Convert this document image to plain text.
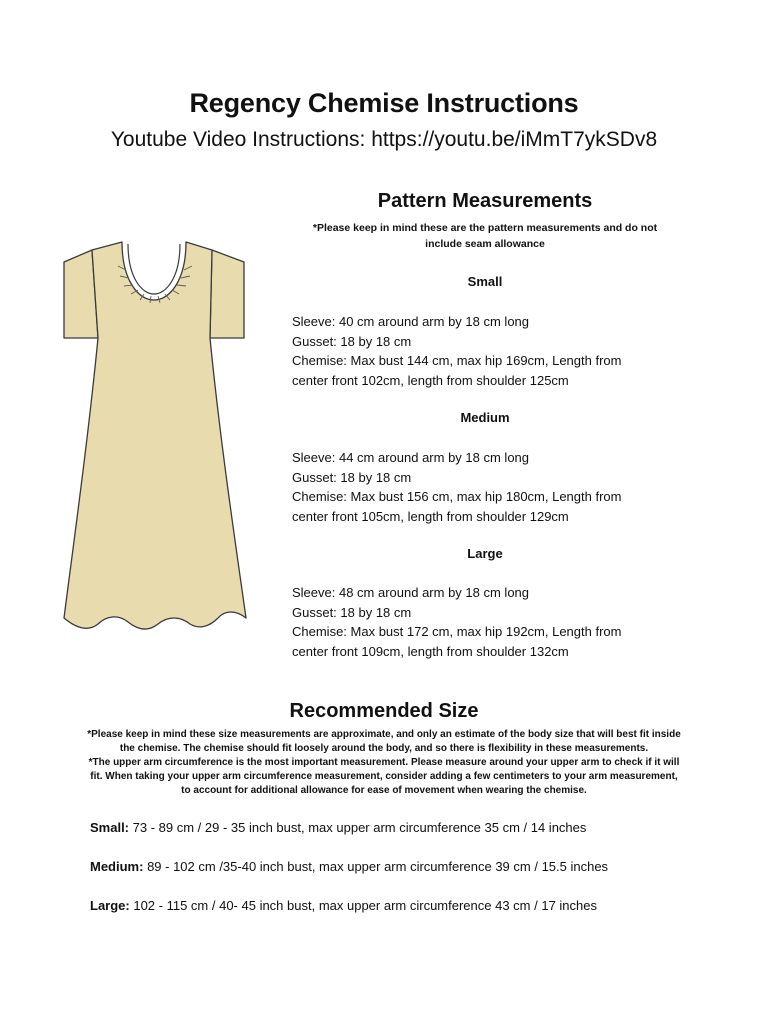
Regency Chemise Instructions
Youtube Video Instructions: https://youtu.be/iMmT7ykSDv8
Pattern Measurements
*Please keep in mind these are the pattern measurements and do not
include seam allowance
Small
Sleeve: 40 cm around arm by 18 cm long
Gusset: 18 by 18 cm
Chemise: Max bust 144 cm, max hip 169cm, Length from
center front 102cm, length from shoulder 125cm
Medium
Sleeve: 44 cm around arm by 18 cm long
Gusset: 18 by 18 cm
Chemise: Max bust 156 cm, max hip 180cm, Length from
center front 105cm, length from shoulder 129cm
Large
Sleeve: 48 cm around arm by 18 cm long
Gusset: 18 by 18 cm
Chemise: Max bust 172 cm, max hip 192cm, Length from
center front 109cm, length from shoulder 132cm
Recommended Size
*Please keep in mind these size measurements are approximate, and only an estimate of the body size that will best fit inside
the chemise. The chemise should fit loosely around the body, and so there is flexibility in these measurements.
*The upper arm circumference is the most important measurement. Please measure around your upper arm to check if it will
fit. When taking your upper arm circumference measurement, consider adding a few centimeters to your arm measurement,
to account for additional allowance for ease of movement when wearing the chemise.
Small: 73 - 89 cm / 29 - 35 inch bust, max upper arm circumference 35 cm / 14 inches
Medium: 89 - 102 cm /35-40 inch bust, max upper arm circumference 39 cm / 15.5 inches
Large: 102 - 115 cm / 40- 45 inch bust, max upper arm circumference 43 cm / 17 inches
